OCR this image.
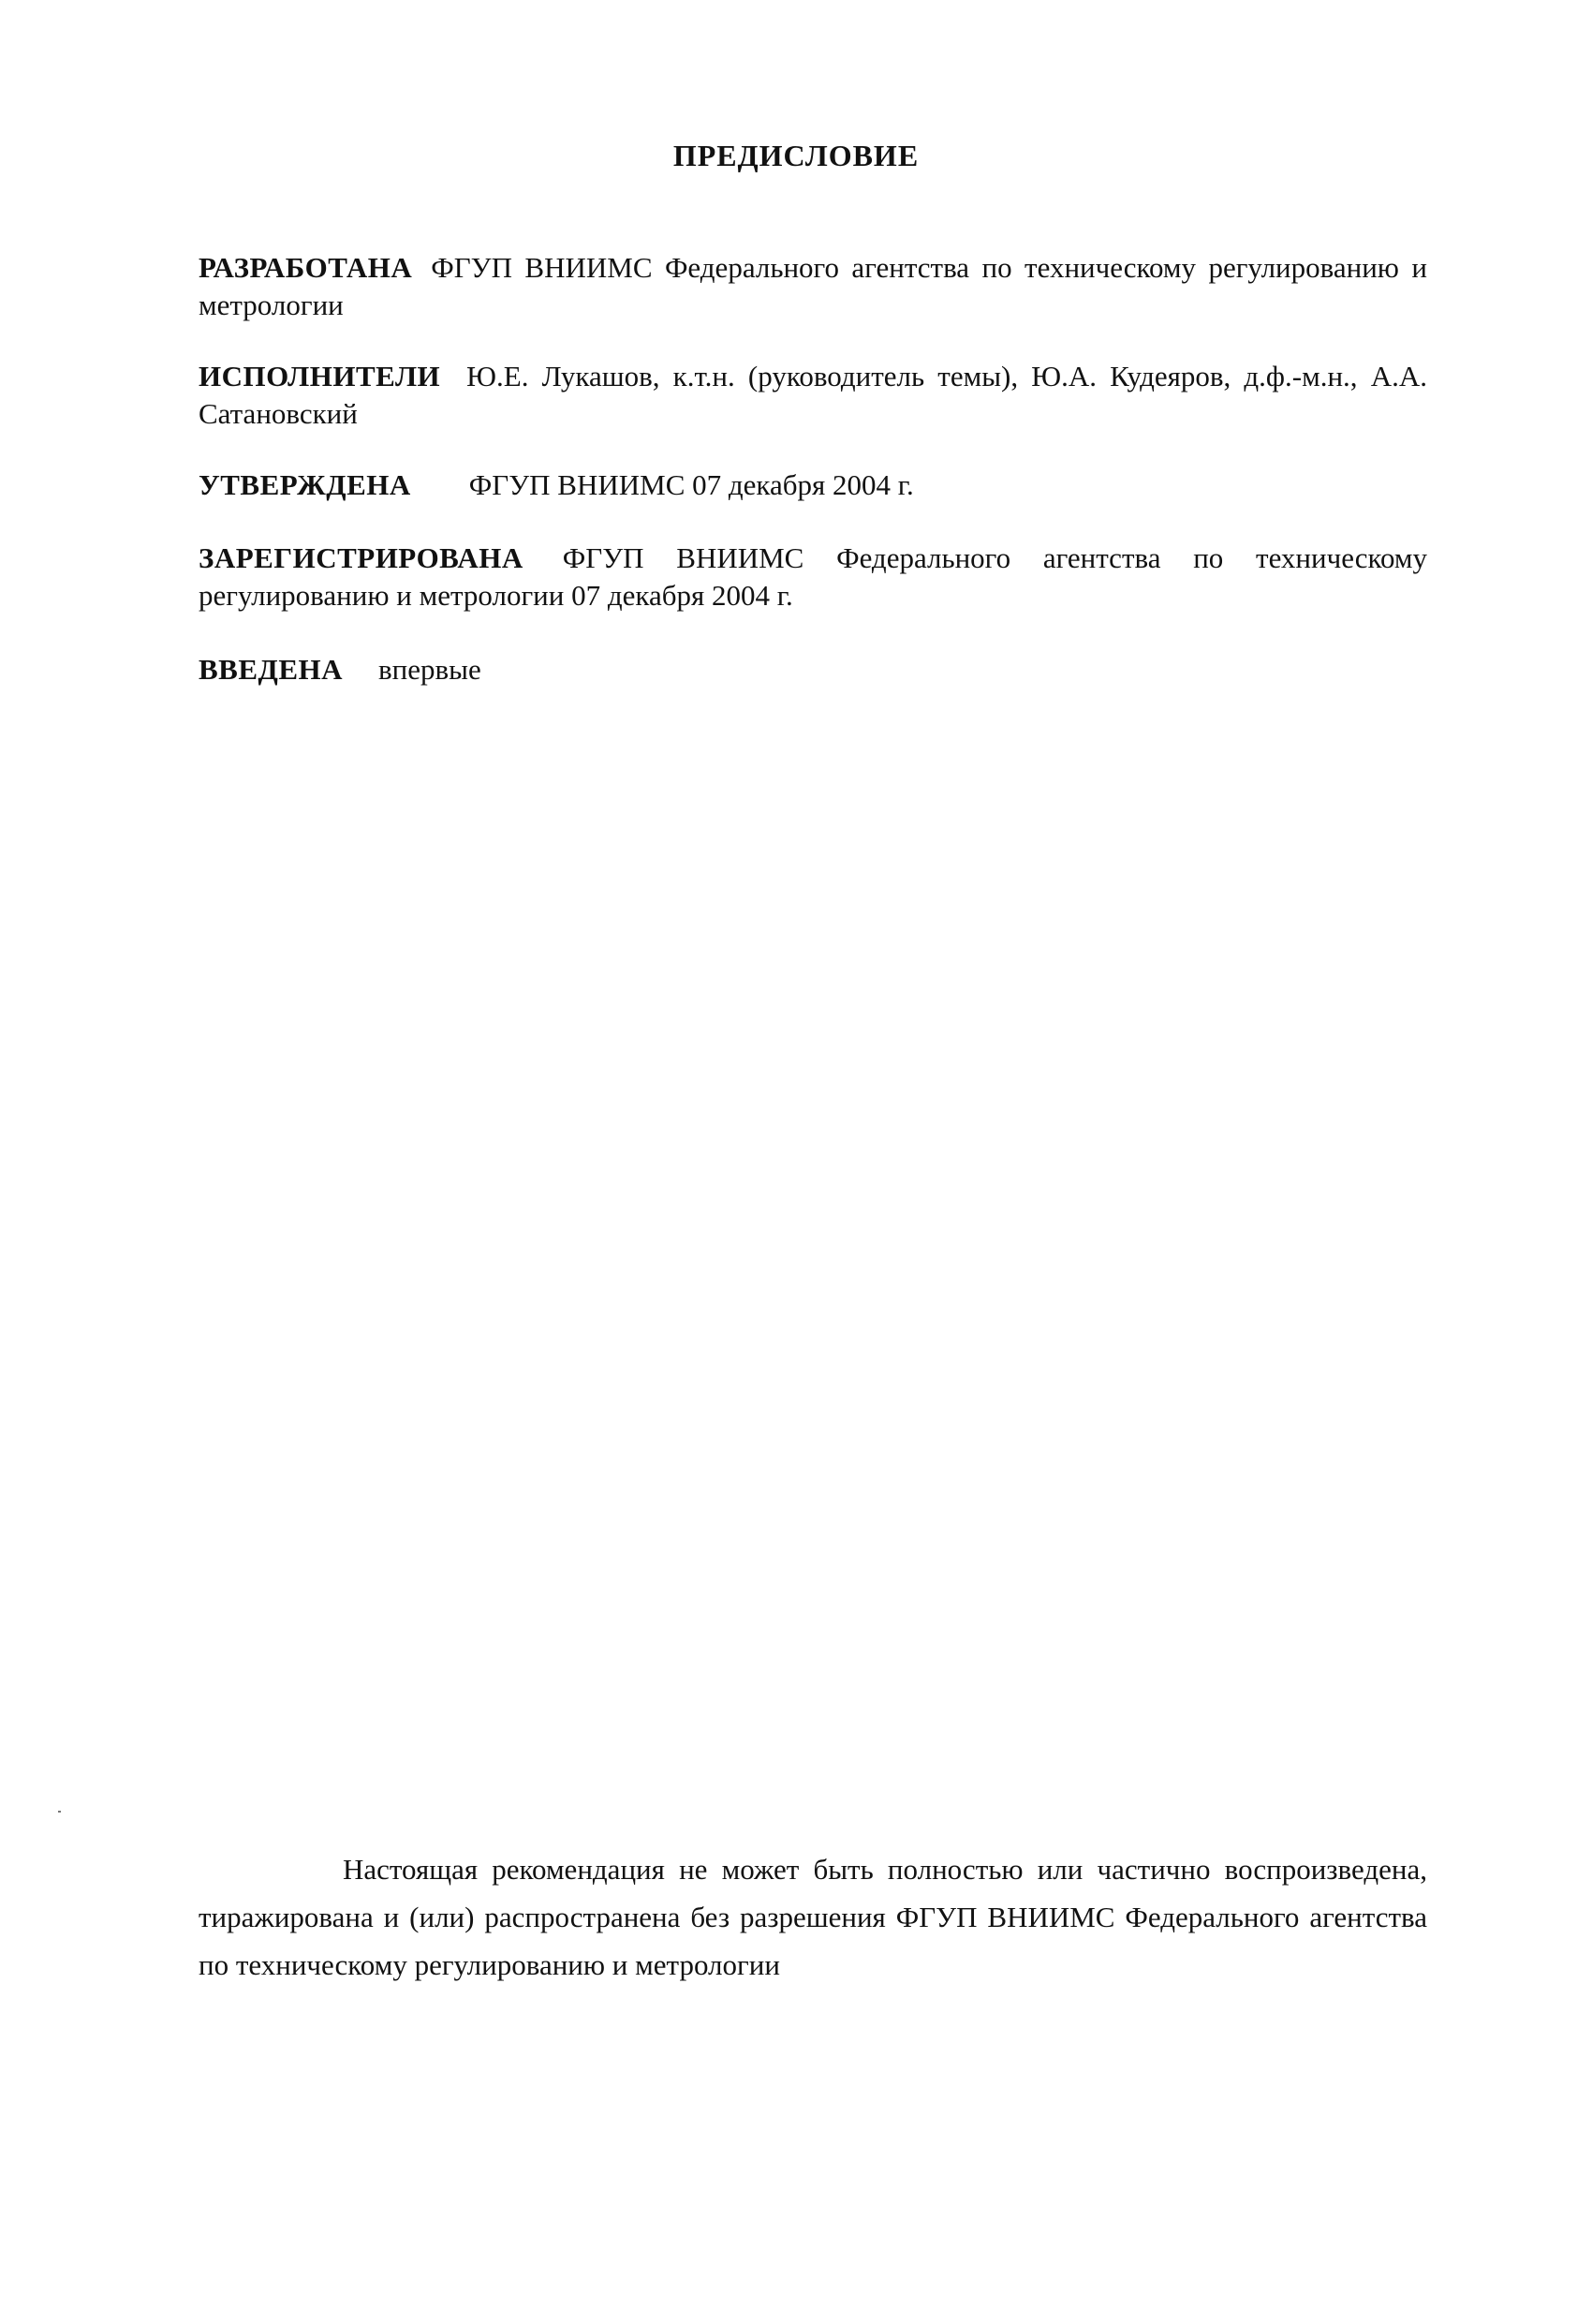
ПРЕДИСЛОВИЕ
РАЗРАБОТАНА ФГУП ВНИИМС Федерального агентства по техническому регулированию и метрологии
ИСПОЛНИТЕЛИ Ю.Е. Лукашов, к.т.н. (руководитель темы), Ю.А. Кудеяров, д.ф.-м.н., А.А. Сатановский
УТВЕРЖДЕНА ФГУП ВНИИМС 07 декабря 2004 г.
ЗАРЕГИСТРИРОВАНА ФГУП ВНИИМС Федерального агентства по техническому регулированию и метрологии 07 декабря 2004 г.
ВВЕДЕНА впервые
Настоящая рекомендация не может быть полностью или частично воспроизведена, тиражирована и (или) распространена без разрешения ФГУП ВНИИМС Федерального агентства по техническому регулированию и метрологии
